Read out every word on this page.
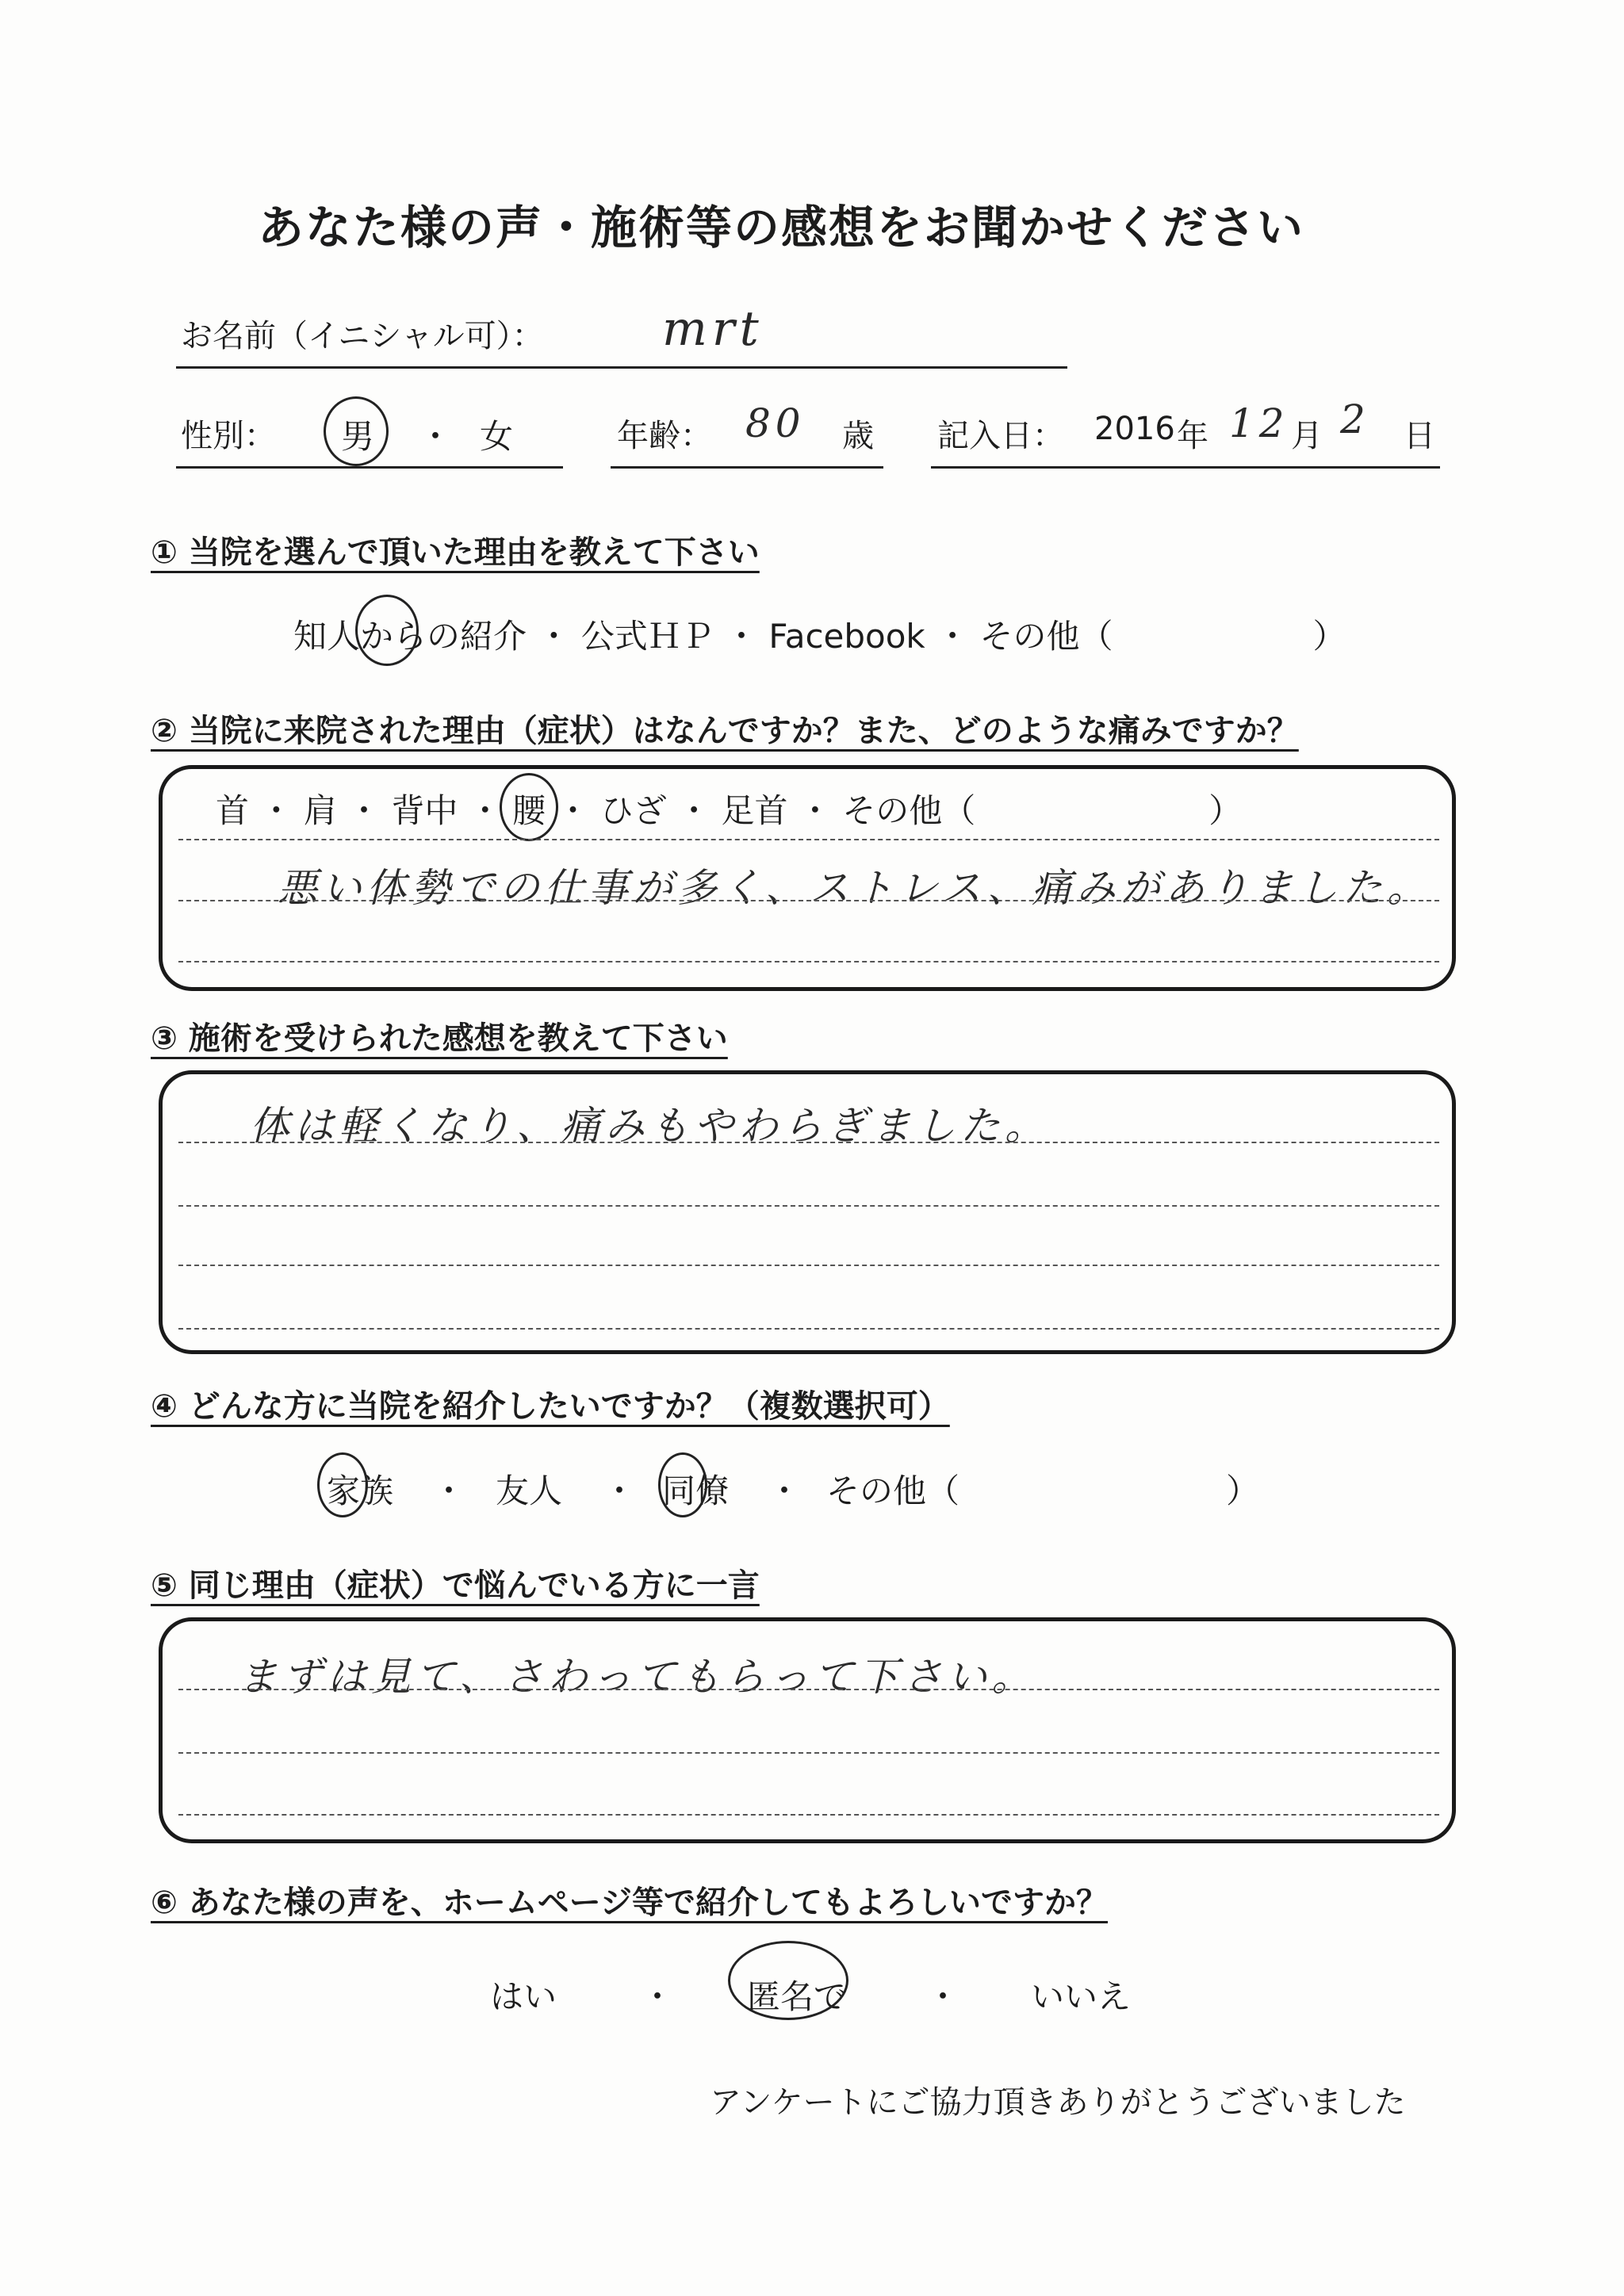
あなた様の声・施術等の感想をお聞かせください
お名前（イニシャル可）： mrt
性別： 男 ・ 女	年齢： 80 歳 記入日： 2016 年 12 月 2 日
① 当院を選んで頂いた理由を教えて下さい
知人からの紹介 ・ 公式ＨＰ ・ Facebook ・ その他（　　　　　　）
② 当院に来院された理由（症状）はなんですか？また、どのような痛みですか？
首 ・ 肩 ・ 背中 ・ 腰 ・ ひざ ・ 足首 ・ その他（　　　　　　　）
悪い体勢での仕事が多く、ストレス、痛みがありました。
③ 施術を受けられた感想を教えて下さい
体は軽くなり、痛みもやわらぎました。
④ どんな方に当院を紹介したいですか？（複数選択可）
家族 ・ 友人 ・ 同僚 ・ その他（　　　　　　　　）
⑤ 同じ理由（症状）で悩んでいる方に一言
まずは見て、さわってもらって下さい。
⑥ あなた様の声を、ホームページ等で紹介してもよろしいですか？
はい	・ 匿名で ・ いいえ
アンケートにご協力頂きありがとうございました
